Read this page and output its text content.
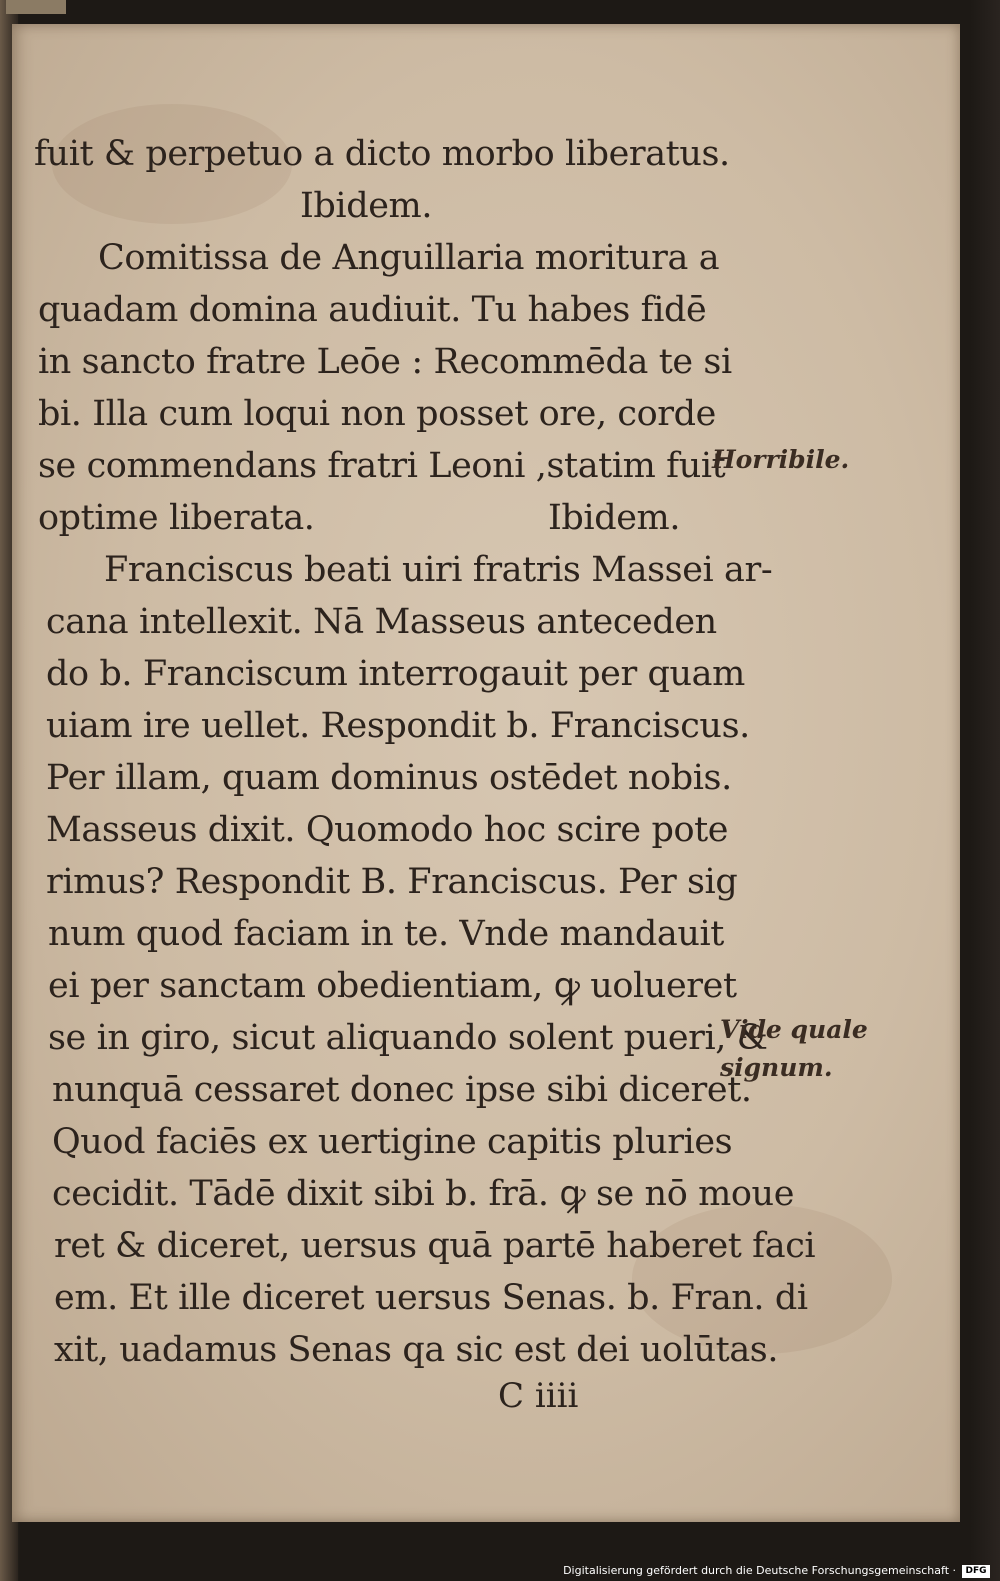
fuit & perpetuo a dicto morbo liberatus.

Ibidem.

Comitissa de Anguillaria moritura a

quadam domina audiuit. Tu habes fidē

in sancto fratre Leōe : Recommēda te si

bi. Illa cum loqui non posset ore, corde

se commendans fratri Leoni ,statim fuit

optime liberata.	Ibidem.

Franciscus beati uiri fratris Massei ar-

cana intellexit. Nā Masseus anteceden

do b. Franciscum interrogauit per quam

uiam ire uellet. Respondit b. Franciscus.

Per illam, quam dominus ostēdet nobis.

Masseus dixit. Quomodo hoc scire pote

rimus? Respondit B. Franciscus. Per sig

num quod faciam in te. Vnde mandauit

ei per sanctam obedientiam, ꝙ uolueret

se in giro, sicut aliquando solent pueri, &

nunquā cessaret donec ipse sibi diceret.

Quod faciēs ex uertigine capitis pluries

cecidit. Tādē dixit sibi b. frā. ꝙ se nō moue

ret & diceret, uersus quā partē haberet faci

em. Et ille diceret uersus Senas. b. Fran. di

xit, uadamus Senas qa sic est dei uolūtas.

Horribile.
Vide quale
signum.
C iiii
Digitalisierung gefördert durch die Deutsche Forschungsgemeinschaft ·	DFG
